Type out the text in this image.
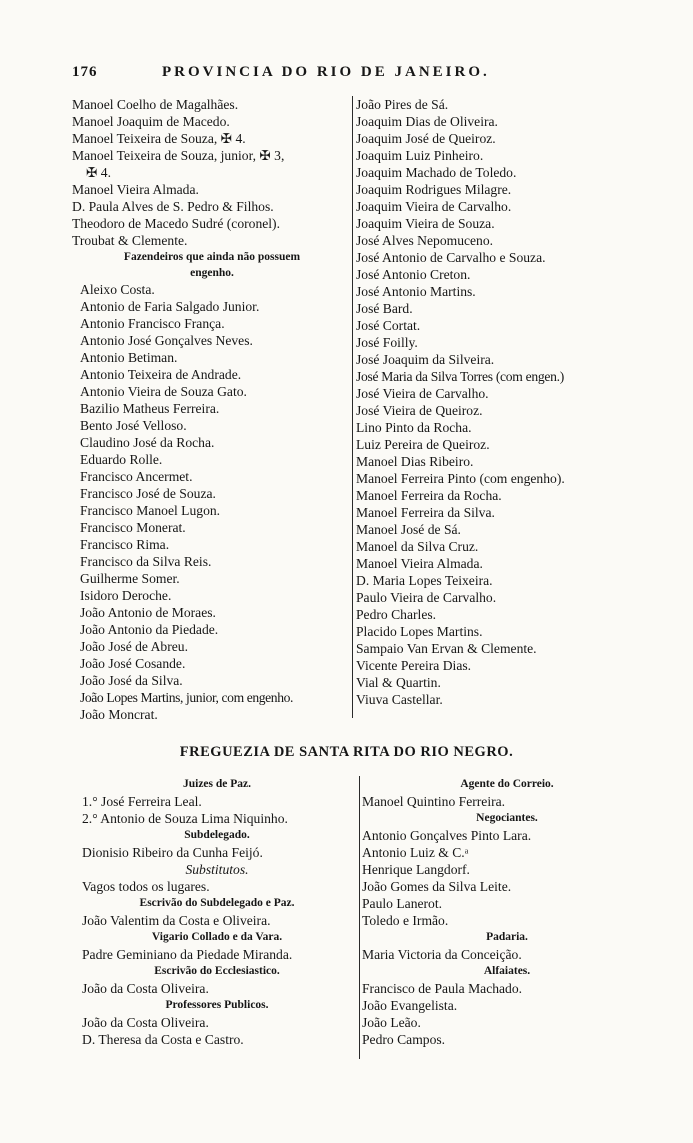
176	PROVINCIA DO RIO DE JANEIRO.
Manoel Coelho de Magalhães.
Manoel Joaquim de Macedo.
Manoel Teixeira de Souza, ✠ 4.
Manoel Teixeira de Souza, junior, ✠ 3,
✠ 4.
Manoel Vieira Almada.
D. Paula Alves de S. Pedro & Filhos.
Theodoro de Macedo Sudré (coronel).
Troubat & Clemente.
Fazendeiros que ainda não possuem
engenho.
Aleixo Costa.
Antonio de Faria Salgado Junior.
Antonio Francisco França.
Antonio José Gonçalves Neves.
Antonio Betiman.
Antonio Teixeira de Andrade.
Antonio Vieira de Souza Gato.
Bazilio Matheus Ferreira.
Bento José Velloso.
Claudino José da Rocha.
Eduardo Rolle.
Francisco Ancermet.
Francisco José de Souza.
Francisco Manoel Lugon.
Francisco Monerat.
Francisco Rima.
Francisco da Silva Reis.
Guilherme Somer.
Isidoro Deroche.
João Antonio de Moraes.
João Antonio da Piedade.
João José de Abreu.
João José Cosande.
João José da Silva.
João Lopes Martins, junior, com engenho.
João Moncrat.
João Pires de Sá.
Joaquim Dias de Oliveira.
Joaquim José de Queiroz.
Joaquim Luiz Pinheiro.
Joaquim Machado de Toledo.
Joaquim Rodrigues Milagre.
Joaquim Vieira de Carvalho.
Joaquim Vieira de Souza.
José Alves Nepomuceno.
José Antonio de Carvalho e Souza.
José Antonio Creton.
José Antonio Martins.
José Bard.
José Cortat.
José Foilly.
José Joaquim da Silveira.
José Maria da Silva Torres (com engen.)
José Vieira de Carvalho.
José Vieira de Queiroz.
Lino Pinto da Rocha.
Luiz Pereira de Queiroz.
Manoel Dias Ribeiro.
Manoel Ferreira Pinto (com engenho).
Manoel Ferreira da Rocha.
Manoel Ferreira da Silva.
Manoel José de Sá.
Manoel da Silva Cruz.
Manoel Vieira Almada.
D. Maria Lopes Teixeira.
Paulo Vieira de Carvalho.
Pedro Charles.
Placido Lopes Martins.
Sampaio Van Ervan & Clemente.
Vicente Pereira Dias.
Vial & Quartin.
Viuva Castellar.
FREGUEZIA DE SANTA RITA DO RIO NEGRO.
Juizes de Paz.
1.° José Ferreira Leal.
2.° Antonio de Souza Lima Niquinho.
Subdelegado.
Dionisio Ribeiro da Cunha Feijó.
Substitutos.
Vagos todos os lugares.
Escrivão do Subdelegado e Paz.
João Valentim da Costa e Oliveira.
Vigario Collado e da Vara.
Padre Geminiano da Piedade Miranda.
Escrivão do Ecclesiastico.
João da Costa Oliveira.
Professores Publicos.
João da Costa Oliveira.
D. Theresa da Costa e Castro.
Agente do Correio.
Manoel Quintino Ferreira.
Negociantes.
Antonio Gonçalves Pinto Lara.
Antonio Luiz & C.ᵃ
Henrique Langdorf.
João Gomes da Silva Leite.
Paulo Lanerot.
Toledo e Irmão.
Padaria.
Maria Victoria da Conceição.
Alfaiates.
Francisco de Paula Machado.
João Evangelista.
João Leão.
Pedro Campos.
